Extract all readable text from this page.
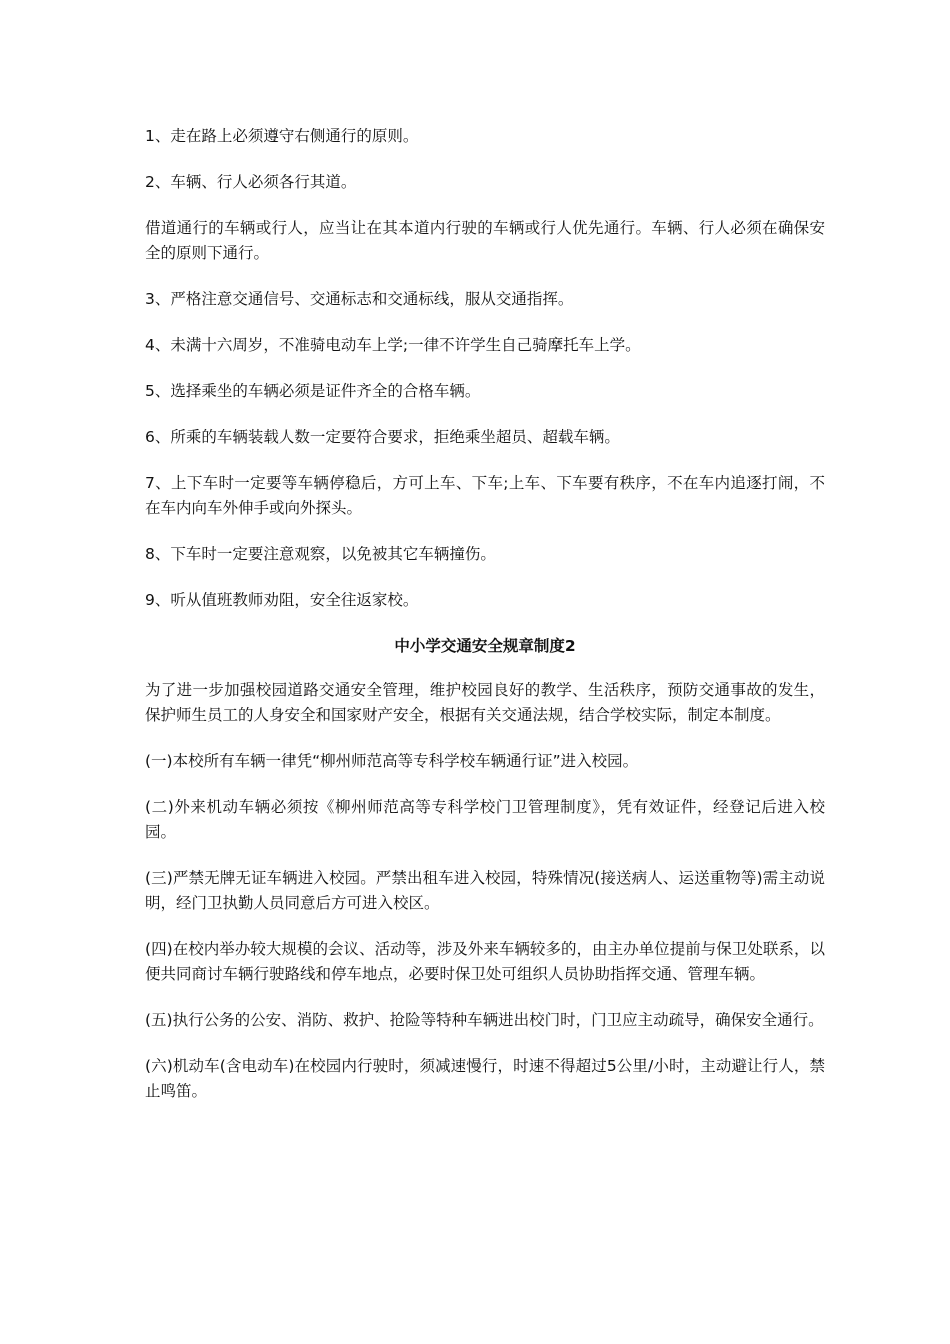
1、走在路上必须遵守右侧通行的原则。

2、车辆、行人必须各行其道。

借道通行的车辆或行人，应当让在其本道内行驶的车辆或行人优先通行。车辆、行人必须在确保安全的原则下通行。

3、严格注意交通信号、交通标志和交通标线，服从交通指挥。

4、未满十六周岁，不准骑电动车上学;一律不许学生自己骑摩托车上学。

5、选择乘坐的车辆必须是证件齐全的合格车辆。

6、所乘的车辆装载人数一定要符合要求，拒绝乘坐超员、超载车辆。

7、上下车时一定要等车辆停稳后，方可上车、下车;上车、下车要有秩序，不在车内追逐打闹，不在车内向车外伸手或向外探头。

8、下车时一定要注意观察，以免被其它车辆撞伤。

9、听从值班教师劝阻，安全往返家校。

中小学交通安全规章制度2

为了进一步加强校园道路交通安全管理，维护校园良好的教学、生活秩序，预防交通事故的发生，保护师生员工的人身安全和国家财产安全，根据有关交通法规，结合学校实际，制定本制度。

(一)本校所有车辆一律凭“柳州师范高等专科学校车辆通行证”进入校园。

(二)外来机动车辆必须按《柳州师范高等专科学校门卫管理制度》，凭有效证件，经登记后进入校园。

(三)严禁无牌无证车辆进入校园。严禁出租车进入校园，特殊情况(接送病人、运送重物等)需主动说明，经门卫执勤人员同意后方可进入校区。

(四)在校内举办较大规模的会议、活动等，涉及外来车辆较多的，由主办单位提前与保卫处联系，以便共同商讨车辆行驶路线和停车地点，必要时保卫处可组织人员协助指挥交通、管理车辆。

(五)执行公务的公安、消防、救护、抢险等特种车辆进出校门时，门卫应主动疏导，确保安全通行。

(六)机动车(含电动车)在校园内行驶时，须减速慢行，时速不得超过5公里/小时，主动避让行人，禁止鸣笛。
